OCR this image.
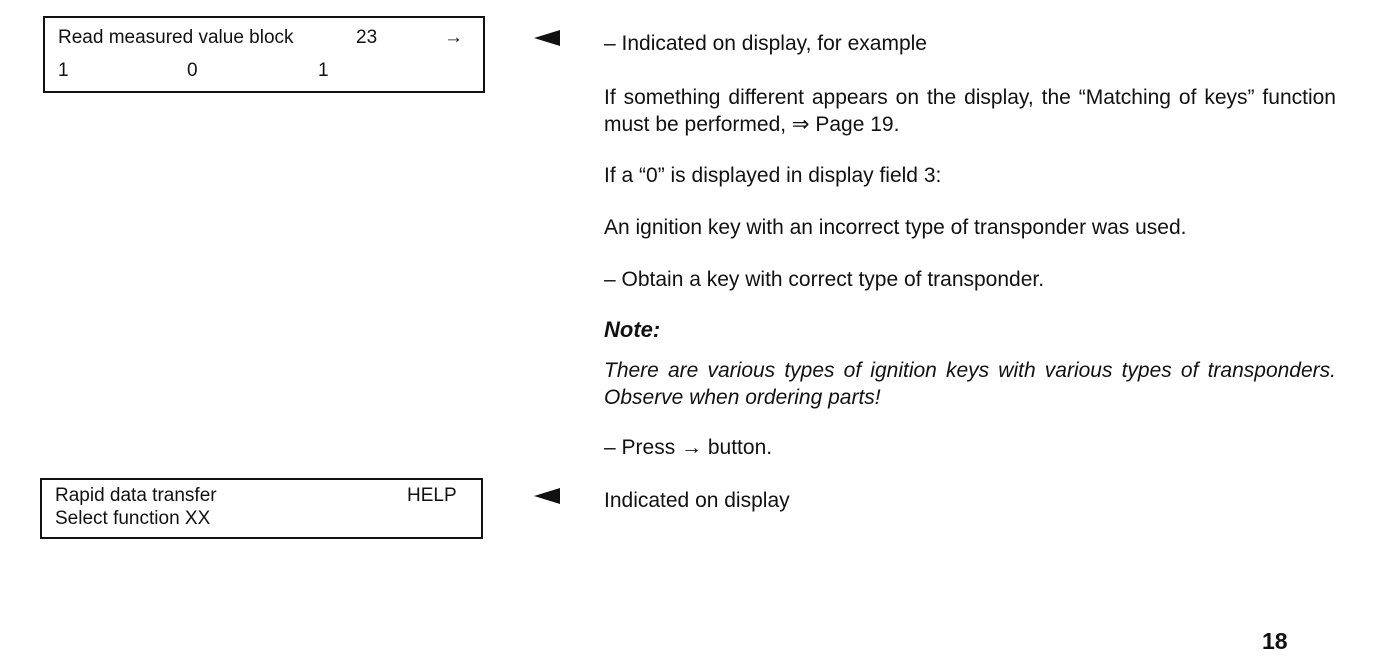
Read measured value block	23	→
1	0	1
Rapid data transfer	HELP
Select function XX
– Indicated on display, for example
If something different appears on the display, the “Matching of keys” function must be performed, ⇒ Page 19.
If a “0” is displayed in display field 3:
An ignition key with an incorrect type of transponder was used.
– Obtain a key with correct type of transponder.
Note:
There are various types of ignition keys with various types of transponders. Observe when ordering parts!
– Press → button.
Indicated on display
18
